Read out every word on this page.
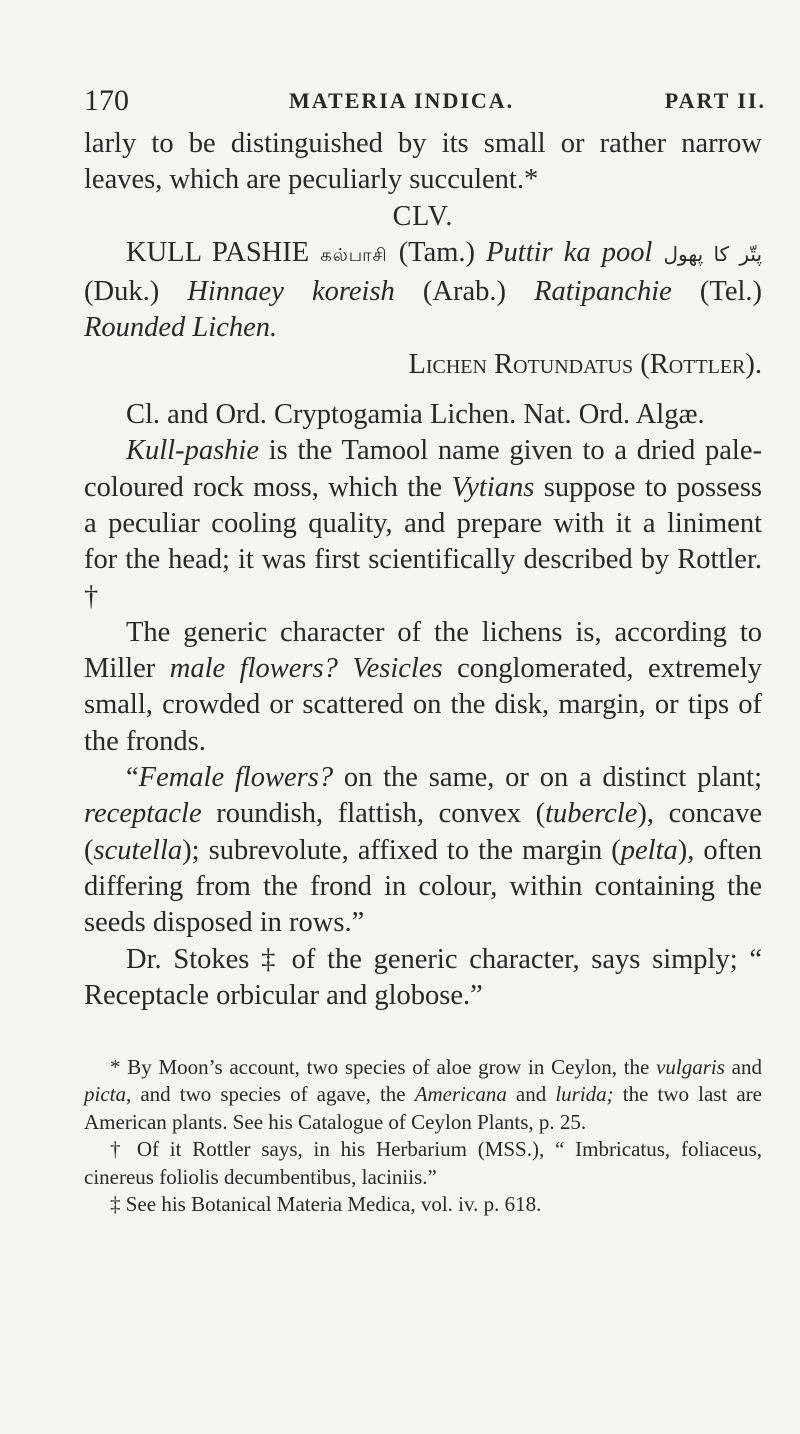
170	MATERIA INDICA.	PART II.

larly to be distinguished by its small or rather narrow leaves, which are peculiarly succulent.*

CLV.

KULL PASHIE கல்பாசி (Tam.) Puttir ka pool پتّر کا پھول (Duk.) Hinnaey koreish (Arab.) Ratipanchie (Tel.) Rounded Lichen.

Lichen Rotundatus (Rottler).

Cl. and Ord. Cryptogamia Lichen. Nat. Ord. Algæ.

Kull-pashie is the Tamool name given to a dried pale-coloured rock moss, which the Vytians suppose to possess a peculiar cooling quality, and prepare with it a liniment for the head; it was first scientifically described by Rottler. †

The generic character of the lichens is, according to Miller male flowers? Vesicles conglomerated, extremely small, crowded or scattered on the disk, margin, or tips of the fronds.

“Female flowers? on the same, or on a distinct plant; receptacle roundish, flattish, convex (tubercle), concave (scutella); subrevolute, affixed to the margin (pelta), often differing from the frond in colour, within containing the seeds disposed in rows.”

Dr. Stokes ‡ of the generic character, says simply; “ Receptacle orbicular and globose.”

* By Moon’s account, two species of aloe grow in Ceylon, the vulgaris and picta, and two species of agave, the Americana and lurida; the two last are American plants. See his Catalogue of Ceylon Plants, p. 25.

† Of it Rottler says, in his Herbarium (MSS.), “ Imbricatus, foliaceus, cinereus foliolis decumbentibus, laciniis.”

‡ See his Botanical Materia Medica, vol. iv. p. 618.
